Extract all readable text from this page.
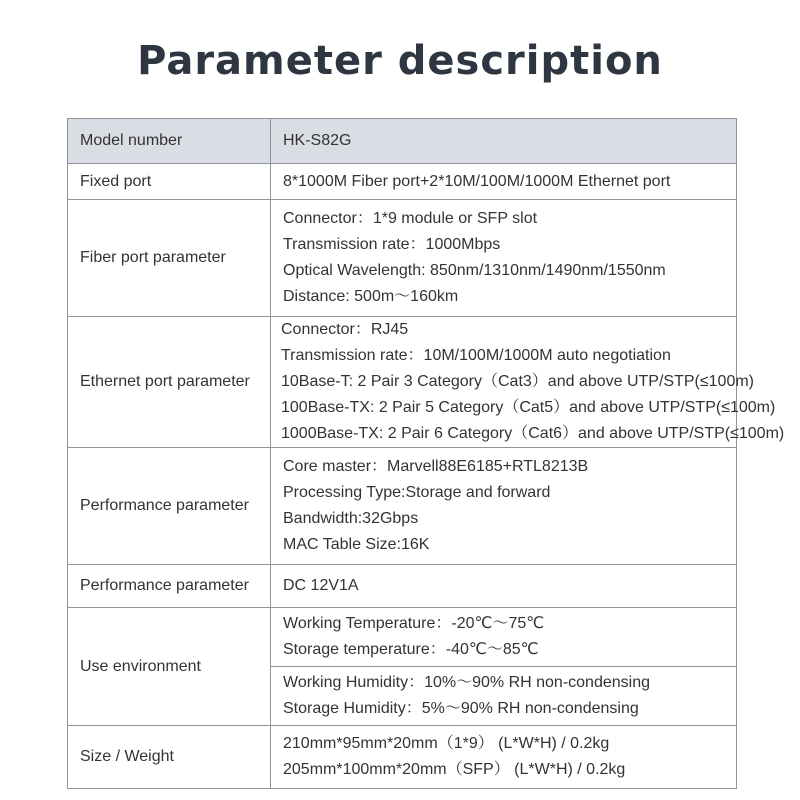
Parameter description
Model number	HK-S82G
Fixed port	8*1000M Fiber port+2*10M/100M/1000M Ethernet port
Fiber port parameter	Connector：1*9 module or SFP slot
Transmission rate：1000Mbps
Optical Wavelength: 850nm/1310nm/1490nm/1550nm
Distance: 500m～160km

Ethernet port parameter	Connector：RJ45
Transmission rate：10M/100M/1000M auto negotiation
10Base-T: 2 Pair 3 Category（Cat3）and above UTP/STP(≤100m)
100Base-TX: 2 Pair 5 Category（Cat5）and above UTP/STP(≤100m)
1000Base-TX: 2 Pair 6 Category（Cat6）and above UTP/STP(≤100m)

Performance parameter	Core master：Marvell88E6185+RTL8213B
Processing Type:Storage and forward
Bandwidth:32Gbps
MAC Table Size:16K

Performance parameter	DC 12V1A
Use environment	Working Temperature：-20℃～75℃
Storage temperature：-40℃～85℃
Working Humidity：10%～90% RH non-condensing
Storage Humidity：5%～90% RH non-condensing

Size / Weight	210mm*95mm*20mm（1*9） (L*W*H) / 0.2kg
205mm*100mm*20mm（SFP） (L*W*H) / 0.2kg
